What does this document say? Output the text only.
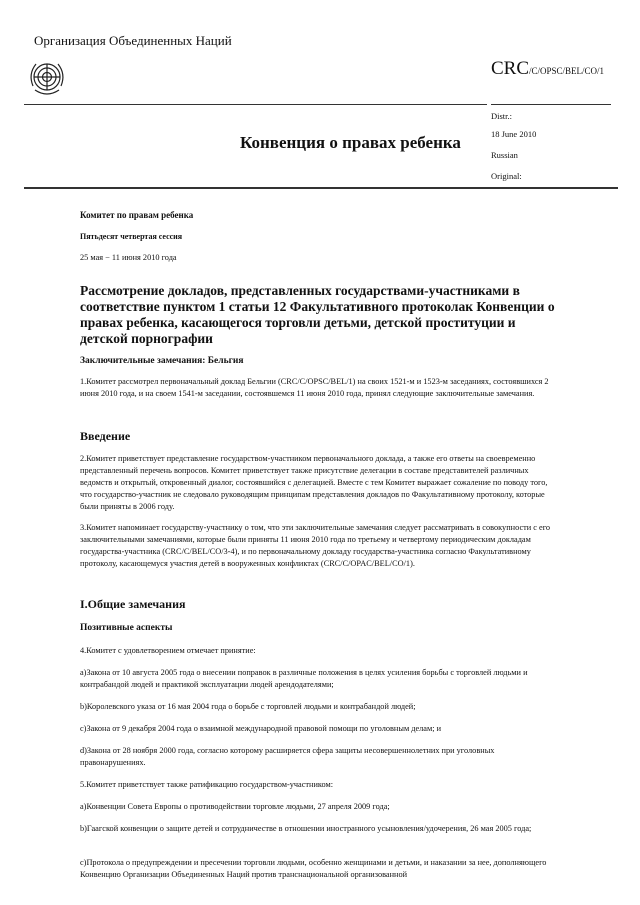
Организация Объединенных Наций
CRC/C/OPSC/BEL/CO/1
Distr.:
Конвенция о правах ребенка	18 June 2010
Russian
Original:

Комитет по правам ребенка

Пятьдесят четвертая сессия

25 мая − 11 июня 2010 года

Рассмотрение докладов, представленных государствами-участниками в соответствие пунктом 1 статьи 12 Факультативного протоколак Конвенции о правах ребенка, касающегося торговли детьми, детской проституции и детской порнографии

Заключительные замечания: Бельгия

1.Комитет рассмотрел первоначальный доклад Бельгии (CRC/C/OPSC/BEL/1) на своих 1521-м и 1523-м заседаниях, состоявшихся 2 июня 2010 года, и на своем 1541-м заседании, состоявшемся 11 июня 2010 года, принял следующие заключительные замечания.

Введение

2.Комитет приветствует представление государством-участником первоначального доклада, а также его ответы на своевременно представленный перечень вопросов. Комитет приветствует также присутствие делегации в составе представителей различных ведомств и открытый, откровенный диалог, состоявшийся с делегацией. Вместе с тем Комитет выражает сожаление по поводу того, что государство-участник не следовало руководящим принципам представления докладов по Факультативному протоколу, которые были приняты в 2006 году.

3.Комитет напоминает государству-участнику о том, что эти заключительные замечания следует рассматривать в совокупности с его заключительными замечаниями, которые были приняты 11 июня 2010 года по третьему и четвертому периодическим докладам государства-участника (CRC/C/BEL/CO/3-4), и по первоначальному докладу государства-участника согласно Факультативному протоколу, касающемуся участия детей в вооруженных конфликтах (CRC/C/OPAC/BEL/CO/1).

I.Общие замечания

Позитивные аспекты

4.Комитет с удовлетворением отмечает принятие:

a)Закона от 10 августа 2005 года о внесении поправок в различные положения в целях усиления борьбы с торговлей людьми и контрабандой людей и практикой эксплуатации людей арендодателями;

b)Королевского указа от 16 мая 2004 года о борьбе с торговлей людьми и контрабандой людей;

c)Закона от 9 декабря 2004 года о взаимной международной правовой помощи по уголовным делам; и

d)Закона от 28 ноября 2000 года, согласно которому расширяется сфера защиты несовершеннолетних при уголовных правонарушениях.

5.Комитет приветствует также ратификацию государством-участником:

a)Конвенции Совета Европы о противодействии торговле людьми, 27 апреля 2009 года;

b)Гаагской конвенции о защите детей и сотрудничестве в отношении иностранного усыновления/удочерения, 26 мая 2005 года;

c)Протокола о предупреждении и пресечении торговли людьми, особенно женщинами и детьми, и наказании за нее, дополняющего Конвенцию Организации Объединенных Наций против транснациональной организованной
